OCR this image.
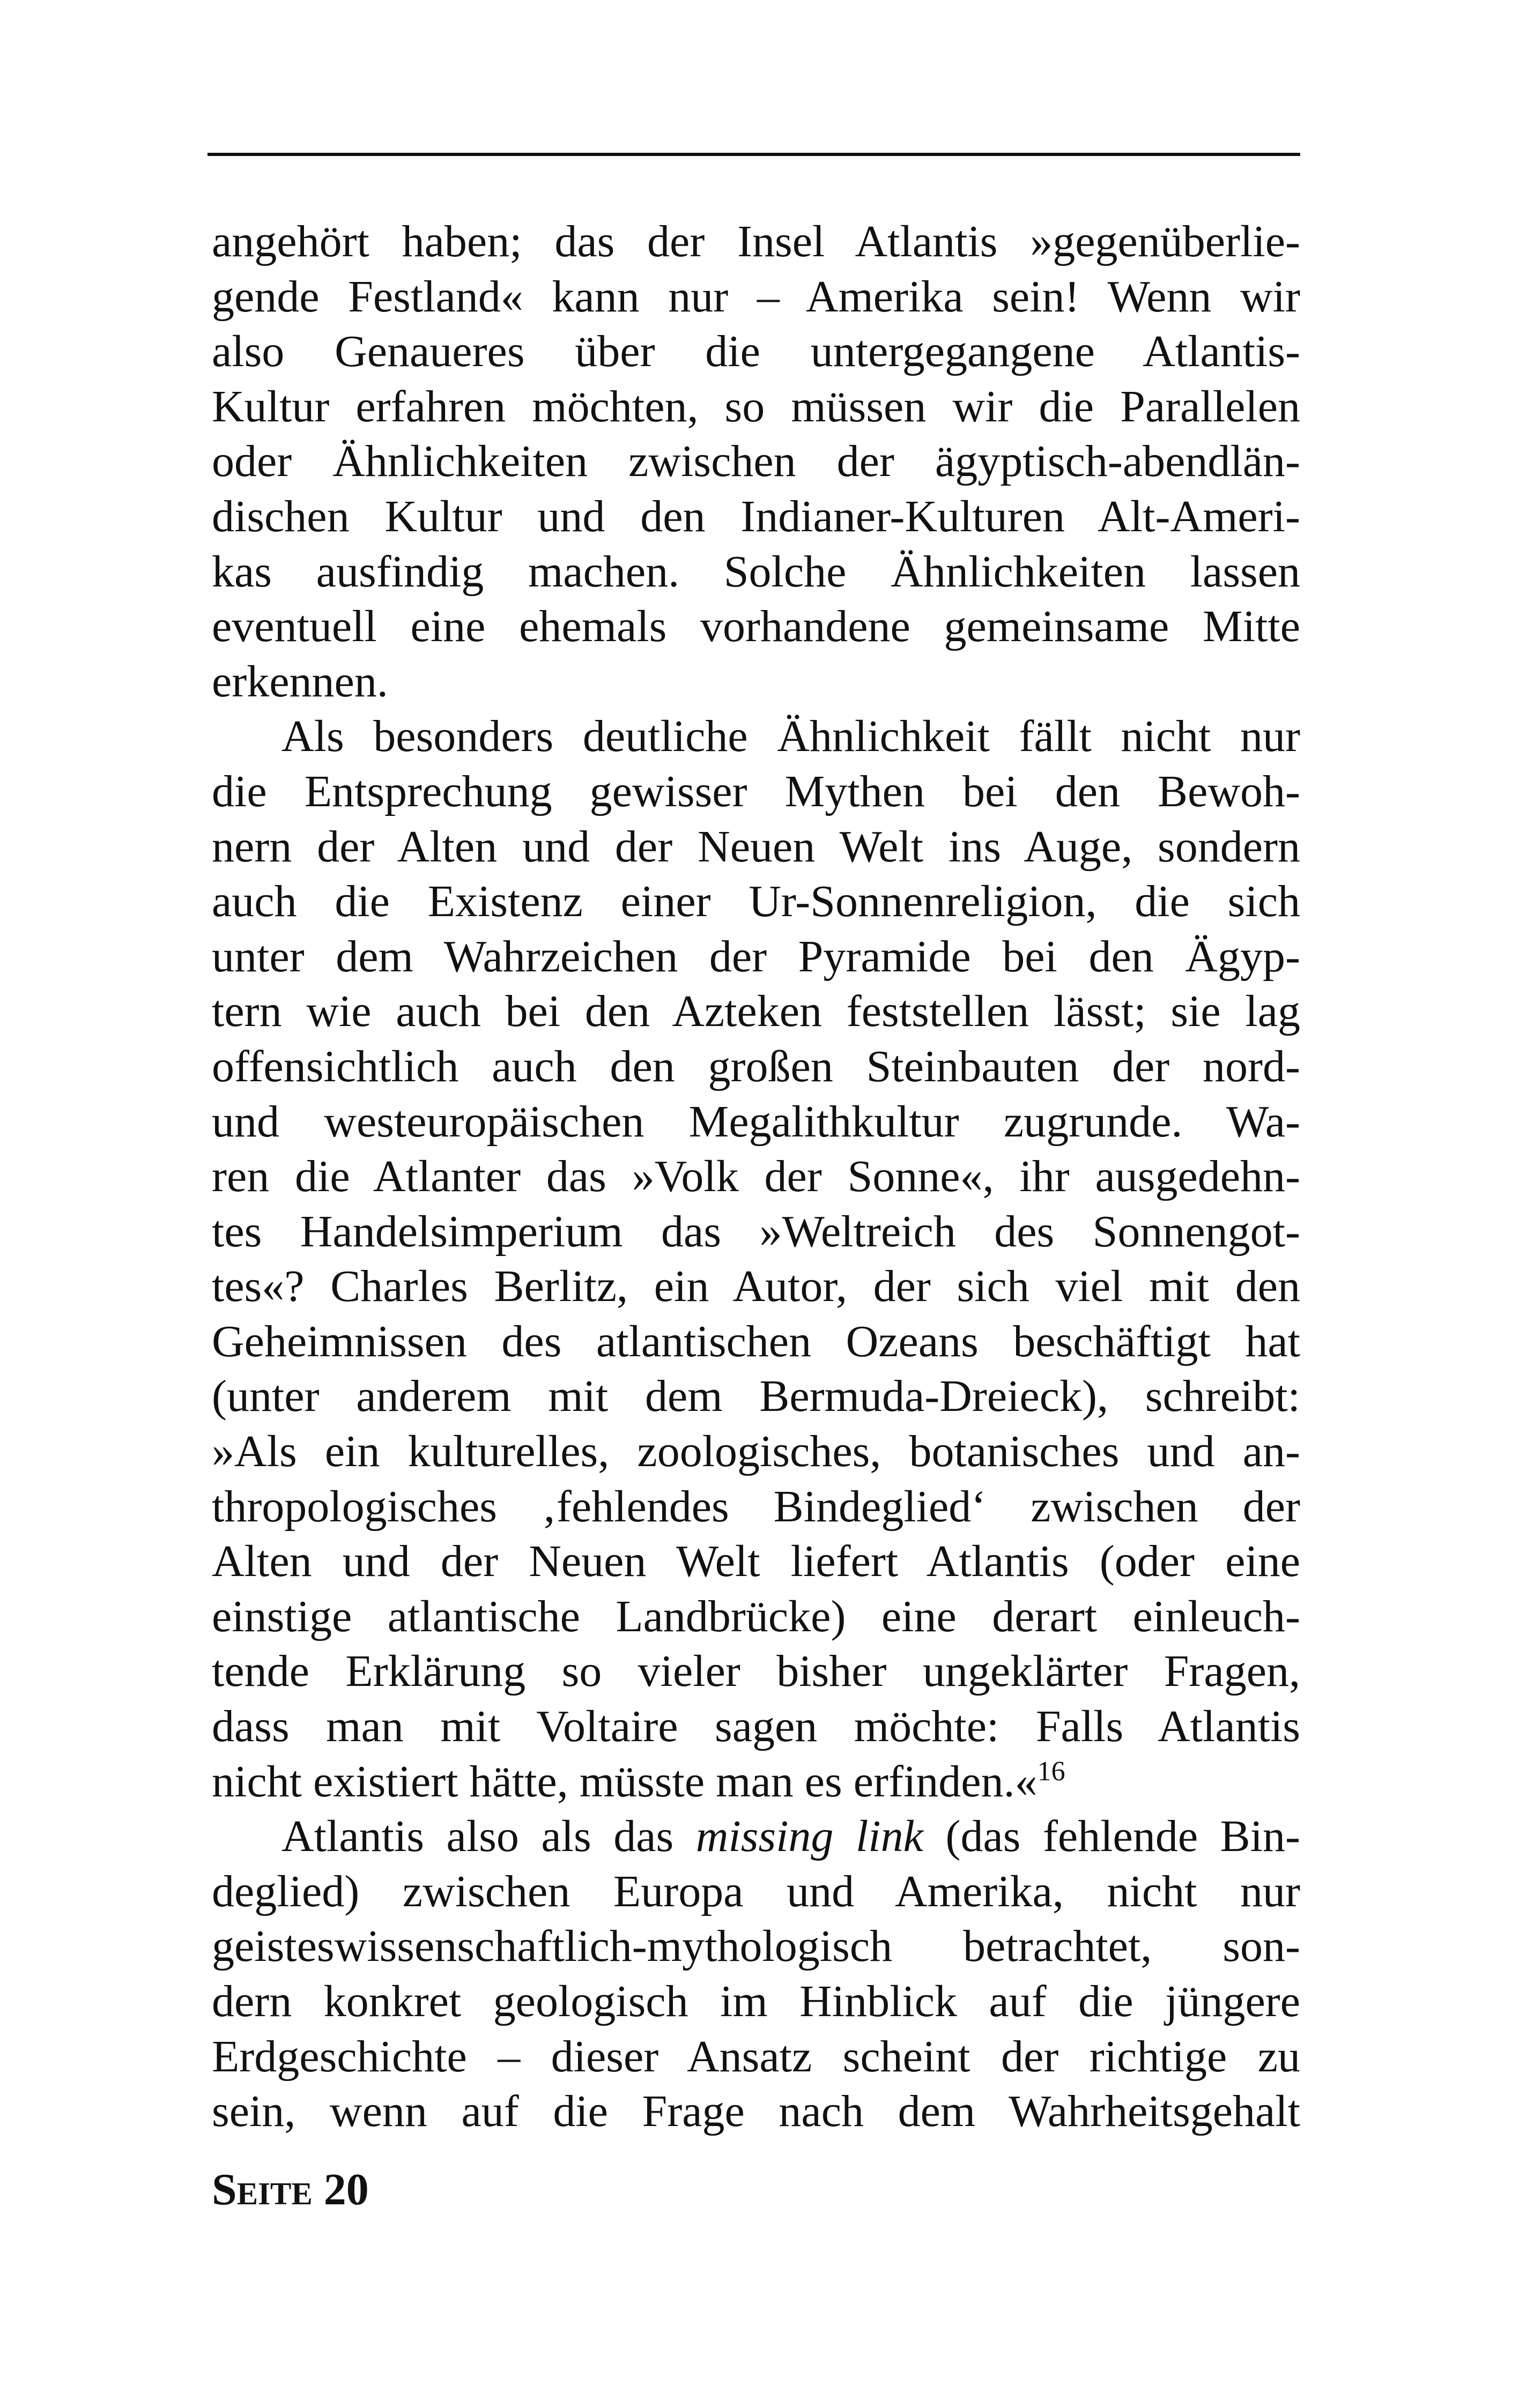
angehört haben; das der Insel Atlantis »gegenüberlie-
gende Festland« kann nur – Amerika sein! Wenn wir
also Genaueres über die untergegangene Atlantis-
Kultur erfahren möchten, so müssen wir die Parallelen
oder Ähnlichkeiten zwischen der ägyptisch-abendlän-
dischen Kultur und den Indianer-Kulturen Alt-Ameri-
kas ausfindig machen. Solche Ähnlichkeiten lassen
eventuell eine ehemals vorhandene gemeinsame Mitte
erkennen.
Als besonders deutliche Ähnlichkeit fällt nicht nur
die Entsprechung gewisser Mythen bei den Bewoh-
nern der Alten und der Neuen Welt ins Auge, sondern
auch die Existenz einer Ur-Sonnenreligion, die sich
unter dem Wahrzeichen der Pyramide bei den Ägyp-
tern wie auch bei den Azteken feststellen lässt; sie lag
offensichtlich auch den großen Steinbauten der nord-
und westeuropäischen Megalithkultur zugrunde. Wa-
ren die Atlanter das »Volk der Sonne«, ihr ausgedehn-
tes Handelsimperium das »Weltreich des Sonnengot-
tes«? Charles Berlitz, ein Autor, der sich viel mit den
Geheimnissen des atlantischen Ozeans beschäftigt hat
(unter anderem mit dem Bermuda-Dreieck), schreibt:
»Als ein kulturelles, zoologisches, botanisches und an-
thropologisches ‚fehlendes Bindeglied‘ zwischen der
Alten und der Neuen Welt liefert Atlantis (oder eine
einstige atlantische Landbrücke) eine derart einleuch-
tende Erklärung so vieler bisher ungeklärter Fragen,
dass man mit Voltaire sagen möchte: Falls Atlantis
nicht existiert hätte, müsste man es erfinden.«$^{16}$
Atlantis also als das missing link (das fehlende Bin-
deglied) zwischen Europa und Amerika, nicht nur
geisteswissenschaftlich-mythologisch betrachtet, son-
dern konkret geologisch im Hinblick auf die jüngere
Erdgeschichte – dieser Ansatz scheint der richtige zu
sein, wenn auf die Frage nach dem Wahrheitsgehalt
Seite 20
